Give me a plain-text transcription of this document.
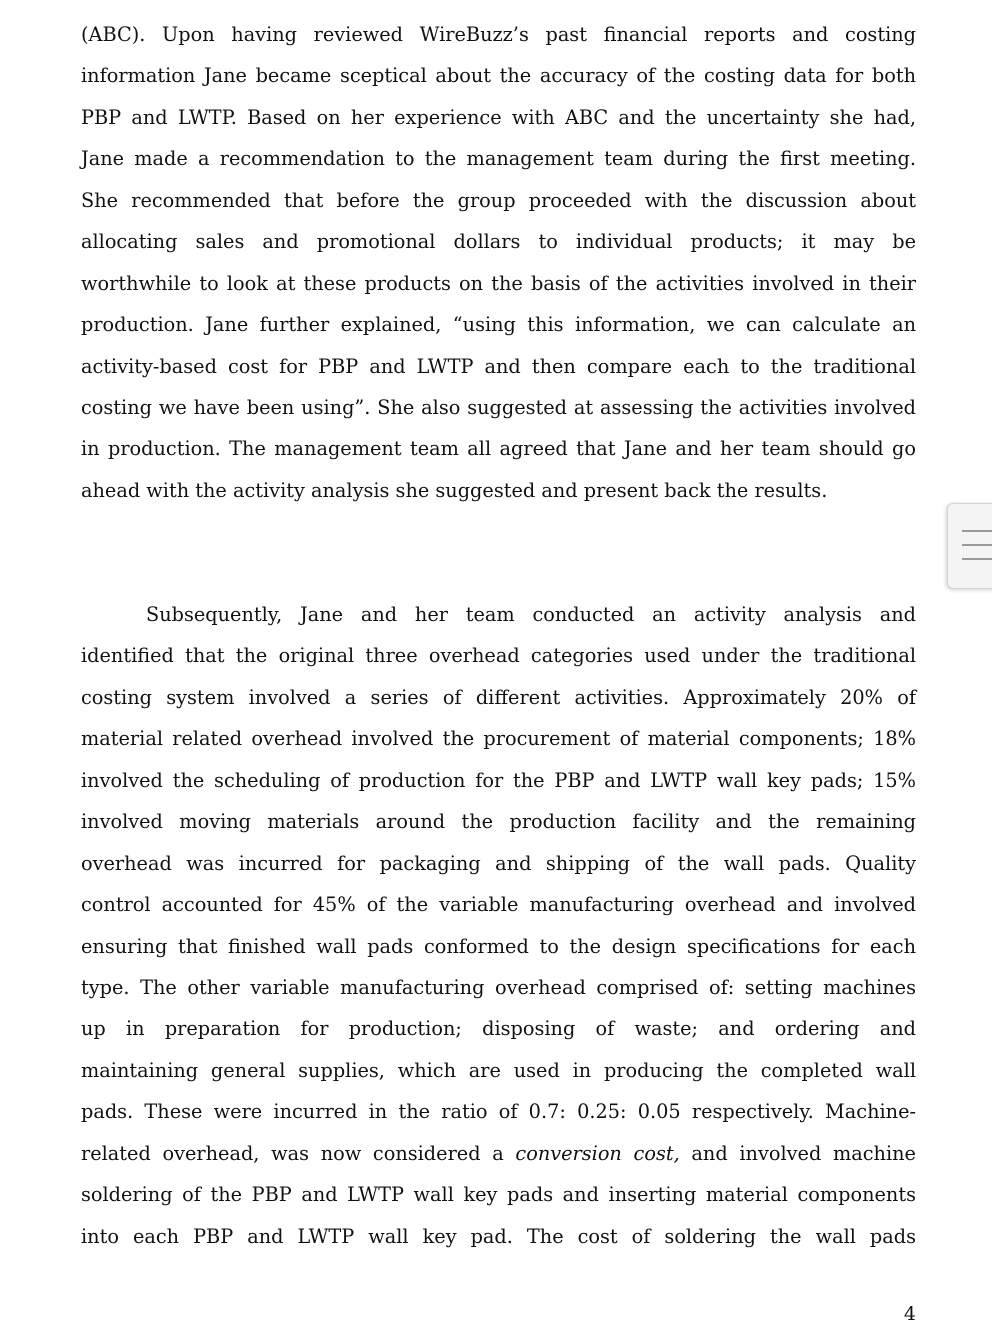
(ABC). Upon having reviewed WireBuzz’s past financial reports and costing
information Jane became sceptical about the accuracy of the costing data for both
PBP and LWTP. Based on her experience with ABC and the uncertainty she had,
Jane made a recommendation to the management team during the first meeting.
She recommended that before the group proceeded with the discussion about
allocating sales and promotional dollars to individual products; it may be
worthwhile to look at these products on the basis of the activities involved in their
production. Jane further explained, “using this information, we can calculate an
activity-based cost for PBP and LWTP and then compare each to the traditional
costing we have been using”. She also suggested at assessing the activities involved
in production. The management team all agreed that Jane and her team should go
ahead with the activity analysis she suggested and present back the results.
Subsequently, Jane and her team conducted an activity analysis and
identified that the original three overhead categories used under the traditional
costing system involved a series of different activities. Approximately 20% of
material related overhead involved the procurement of material components; 18%
involved the scheduling of production for the PBP and LWTP wall key pads; 15%
involved moving materials around the production facility and the remaining
overhead was incurred for packaging and shipping of the wall pads. Quality
control accounted for 45% of the variable manufacturing overhead and involved
ensuring that finished wall pads conformed to the design specifications for each
type. The other variable manufacturing overhead comprised of: setting machines
up in preparation for production; disposing of waste; and ordering and
maintaining general supplies, which are used in producing the completed wall
pads. These were incurred in the ratio of 0.7: 0.25: 0.05 respectively. Machine-
related overhead, was now considered a conversion cost, and involved machine
soldering of the PBP and LWTP wall key pads and inserting material components
into each PBP and LWTP wall key pad. The cost of soldering the wall pads
4
